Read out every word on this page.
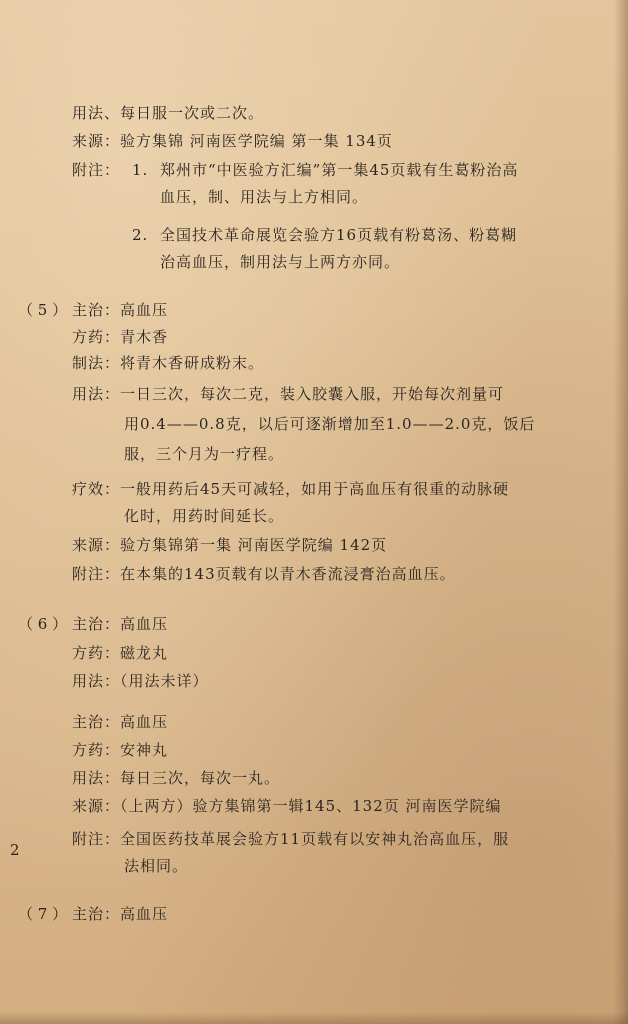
用法、每日服一次或二次。
来源：验方集锦 河南医学院编 第一集 134页
附注： 1. 郑州市“中医验方汇编”第一集45页载有生葛粉治高
血压，制、用法与上方相同。
2. 全国技术革命展览会验方16页载有粉葛汤、粉葛糊
治高血压，制用法与上两方亦同。
（ 5 ） 主治：高血压
方药：青木香
制法：将青木香研成粉末。
用法：一日三次，每次二克，装入胶囊入服，开始每次剂量可
用0.4——0.8克，以后可逐渐增加至1.0——2.0克，饭后
服，三个月为一疗程。
疗效：一般用药后45天可减轻，如用于高血压有很重的动脉硬
化时，用药时间延长。
来源：验方集锦第一集 河南医学院编 142页
附注：在本集的143页载有以青木香流浸膏治高血压。
（ 6 ） 主治：高血压
方药：磁龙丸
用法：（用法未详）
主治：高血压
方药：安神丸
用法：每日三次，每次一丸。
来源：（上两方）验方集锦第一辑145、132页 河南医学院编
附注：全国医药技革展会验方11页载有以安神丸治高血压，服
法相同。
2
（ 7 ） 主治：高血压
